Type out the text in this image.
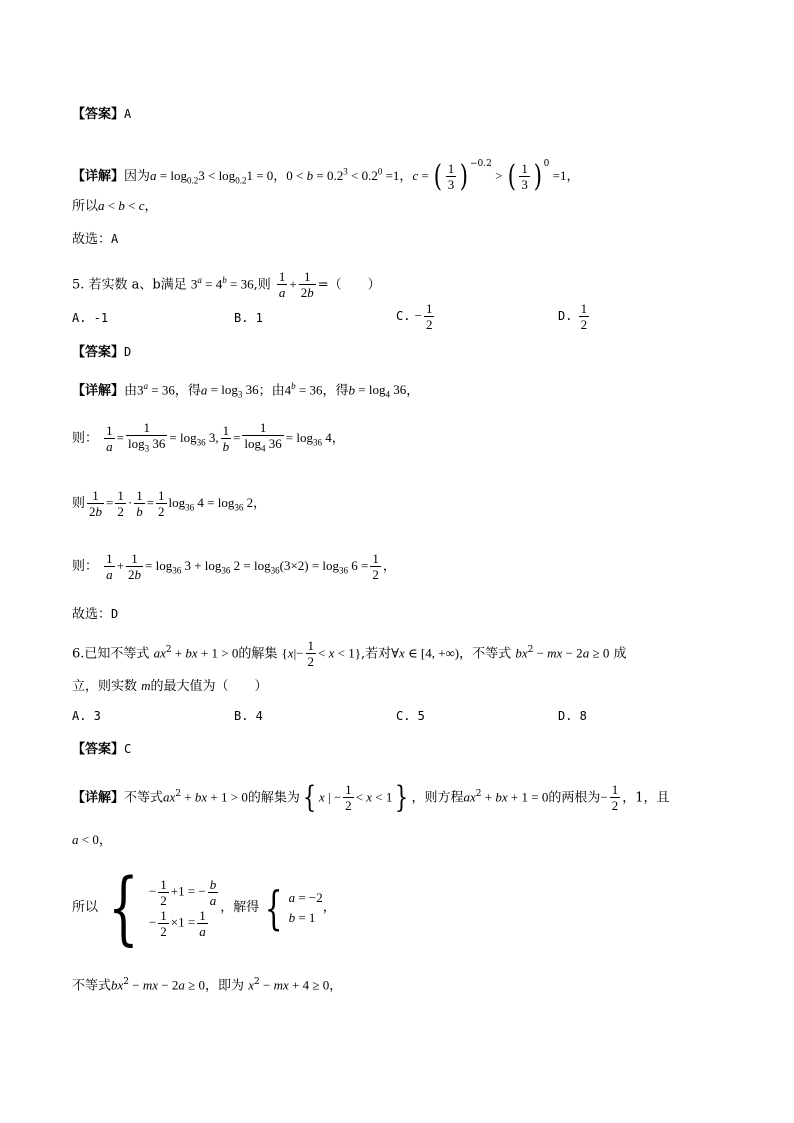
【答案】A
【详解】因为$a = \log_{0.2}3 < \log_{0.2}1 = 0$，$0 < b = 0.2^3 < 0.2^0 =1$，c = ( $\frac{1}{3}$ ) $^{-0.2}$ > ( $\frac{1}{3}$ ) $^0$ =1，
所以a < b < c，
故选：A
5. 若实数 a、b满足 $3^a = 4^b = 36$,则 $\frac{1}{a} + \frac{1}{2b}$ =（　　）
A. -1	B. 1	C. − $\frac{1}{2}$	D. $\frac{1}{2}$
【答案】D
【详解】由$3^a = 36$，得$a = \log_3 36$；由$4^b = 36$，得$b = \log_4 36$，
则： $\frac{1}{a} = \frac{1}{\log_3 36} = \log_{36} 3$, $\frac{1}{b} = \frac{1}{\log_4 36} = \log_{36} 4$，
则 $\frac{1}{2b} = \frac{1}{2} \cdot \frac{1}{b} = \frac{1}{2} \log_{36} 4 = \log_{36} 2$，
则： $\frac{1}{a} + \frac{1}{2b} = \log_{36} 3 + \log_{36} 2 = \log_{36}(3\times 2) = \log_{36} 6 = \frac{1}{2}$ ，
故选：D
6.已知不等式 $ax^2$ + bx + 1 > 0的解集 $\{x|- \frac{1}{2} < x < 1\}$,若对∀x ∈ [4, +∞)，不等式 $bx^2$ − mx − 2a ≥ 0 成
立，则实数 m的最大值为（　　）
A. 3	B. 4	C. 5	D. 8
【答案】C
【详解】不等式$ax^2$ + bx + 1 > 0的解集为{ x | − $\frac{1}{2} < x < 1$} ，则方程$ax^2$ + bx + 1 = 0的两根为− $\frac{1}{2}$ ，1，且
a < 0，
所以 { − $\frac{1}{2} +1$ = − $\frac{b}{a}$
− $\frac{1}{2} \times 1 = \frac{1}{a}$ ，解得 { a = −2
b = 1
，
不等式$bx^2$ − mx − 2a ≥ 0，即为 $x^2$ − mx + 4 ≥ 0，
